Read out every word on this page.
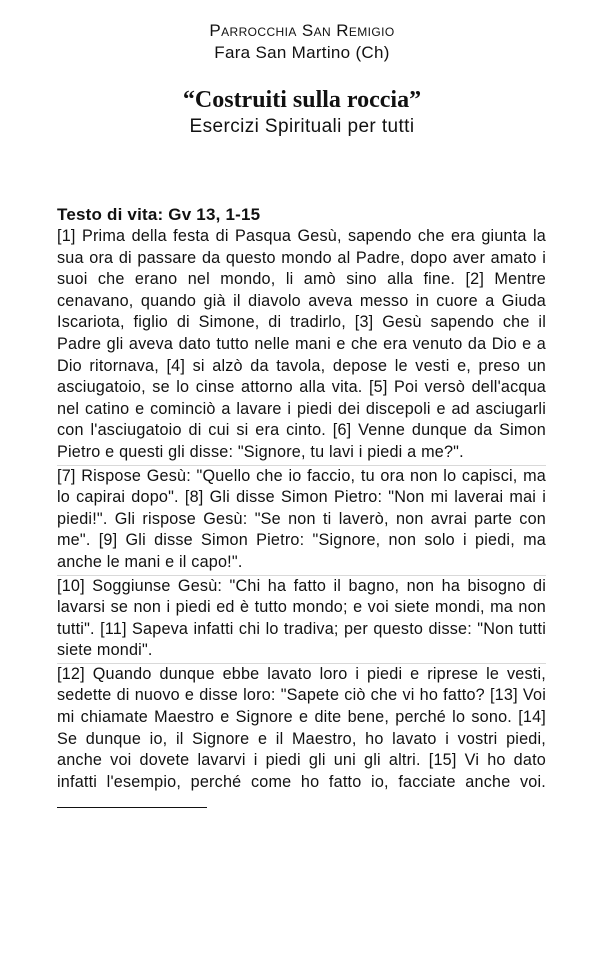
Parrocchia San Remigio
Fara San Martino (Ch)
“Costruiti sulla roccia”
Esercizi Spirituali per tutti
Testo di vita: Gv 13, 1-15

[1] Prima della festa di Pasqua Gesù, sapendo che era giunta la sua ora di passare da questo mondo al Padre, dopo aver amato i suoi che erano nel mondo, li amò sino alla fine. [2] Mentre cenavano, quando già il diavolo aveva messo in cuore a Giuda Iscariota, figlio di Simone, di tradirlo, [3] Gesù sapendo che il Padre gli aveva dato tutto nelle mani e che era venuto da Dio e a Dio ritornava, [4] si alzò da tavola, depose le vesti e, preso un asciugatoio, se lo cinse attorno alla vita. [5] Poi versò dell'acqua nel catino e cominciò a lavare i piedi dei discepoli e ad asciugarli con l'asciugatoio di cui si era cinto. [6] Venne dunque da Simon Pietro e questi gli disse: "Signore, tu lavi i piedi a me?".

[7] Rispose Gesù: "Quello che io faccio, tu ora non lo capisci, ma lo capirai dopo". [8] Gli disse Simon Pietro: "Non mi laverai mai i piedi!". Gli rispose Gesù: "Se non ti laverò, non avrai parte con me". [9] Gli disse Simon Pietro: "Signore, non solo i piedi, ma anche le mani e il capo!".

[10] Soggiunse Gesù: "Chi ha fatto il bagno, non ha bisogno di lavarsi se non i piedi ed è tutto mondo; e voi siete mondi, ma non tutti". [11] Sapeva infatti chi lo tradiva; per questo disse: "Non tutti siete mondi".

[12] Quando dunque ebbe lavato loro i piedi e riprese le vesti, sedette di nuovo e disse loro: "Sapete ciò che vi ho fatto? [13] Voi mi chiamate Maestro e Signore e dite bene, perché lo sono. [14] Se dunque io, il Signore e il Maestro, ho lavato i vostri piedi, anche voi dovete lavarvi i piedi gli uni gli altri. [15] Vi ho dato infatti l'esempio, perché come ho fatto io, facciate anche voi.
